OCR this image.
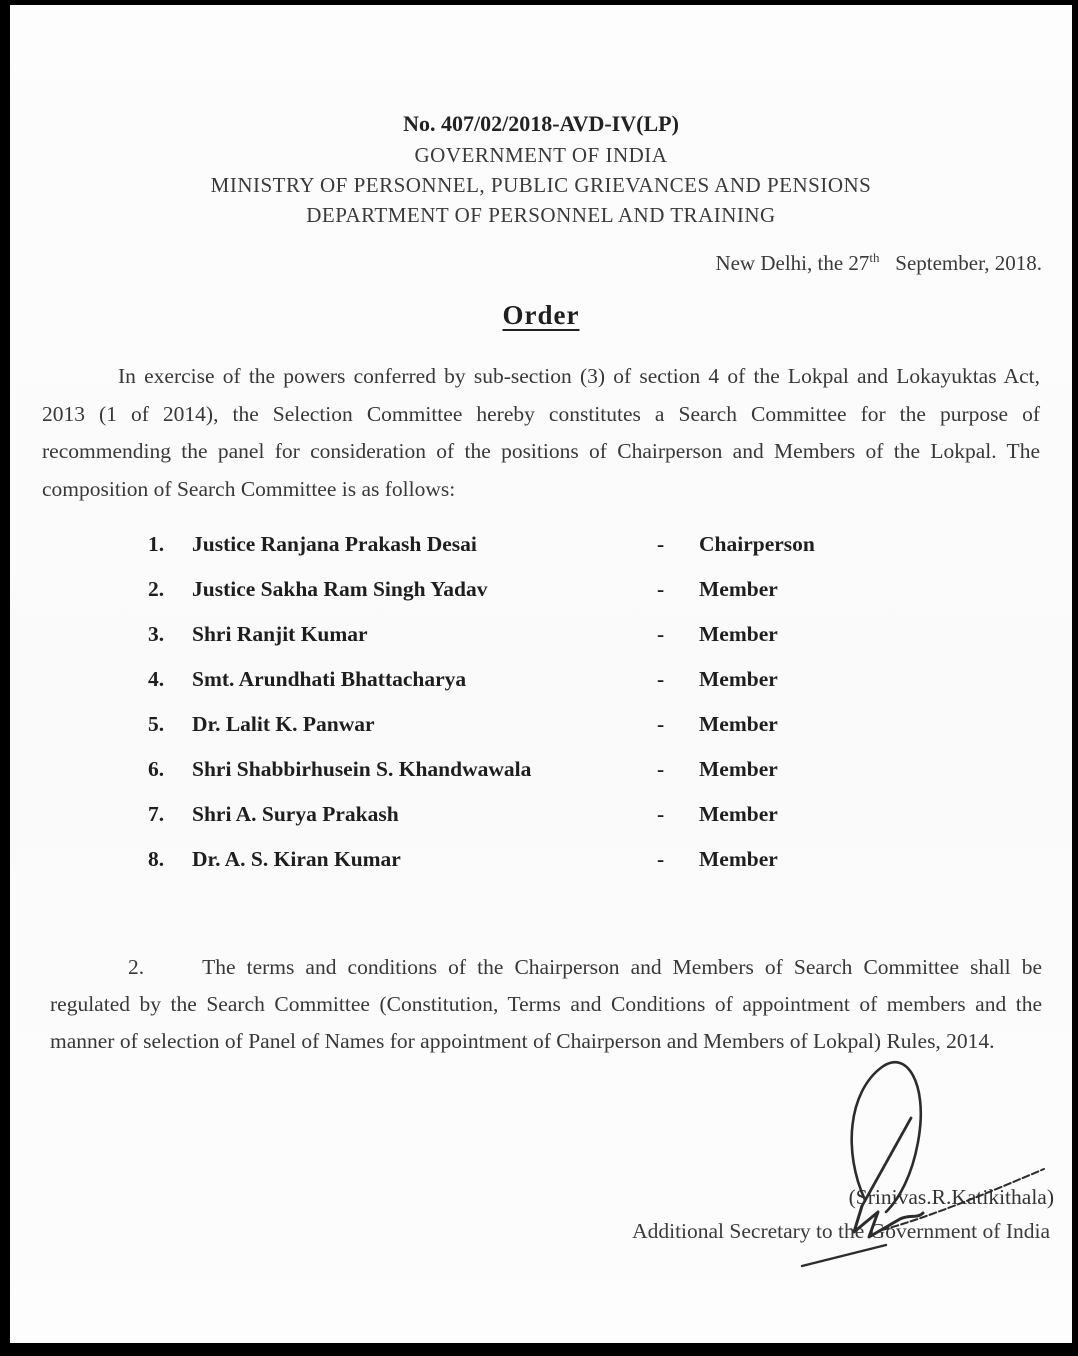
No. 407/02/2018-AVD-IV(LP)
GOVERNMENT OF INDIA
MINISTRY OF PERSONNEL, PUBLIC GRIEVANCES AND PENSIONS
DEPARTMENT OF PERSONNEL AND TRAINING
New Delhi, the 27th   September, 2018.
Order

In exercise of the powers conferred by sub-section (3) of section 4 of the Lokpal and Lokayuktas Act, 2013 (1 of 2014), the Selection Committee hereby constitutes a Search Committee for the purpose of recommending the panel for consideration of the positions of Chairperson and Members of the Lokpal. The composition of Search Committee is as follows:

1.	Justice Ranjana Prakash Desai	-	Chairperson
2.	Justice Sakha Ram Singh Yadav	-	Member
3.	Shri Ranjit Kumar	-	Member
4.	Smt. Arundhati Bhattacharya	-	Member
5.	Dr. Lalit K. Panwar	-	Member
6.	Shri Shabbirhusein S. Khandwawala	-	Member
7.	Shri A. Surya Prakash	-	Member
8.	Dr. A. S. Kiran Kumar	-	Member

2.	The terms and conditions of the Chairperson and Members of Search Committee shall be regulated by the Search Committee (Constitution, Terms and Conditions of appointment of members and the manner of selection of Panel of Names for appointment of Chairperson and Members of Lokpal) Rules, 2014.

(Srinivas.R.Katikithala)
Additional Secretary to the Government of India
